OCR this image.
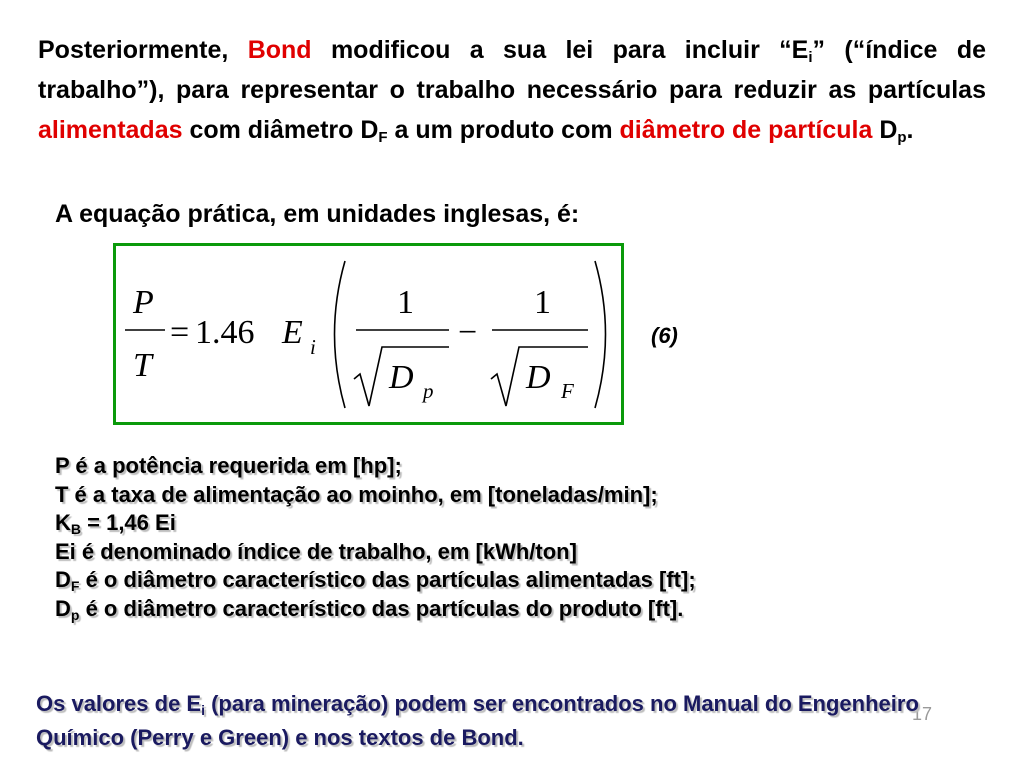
Posteriormente, Bond modificou a sua lei para incluir “$E_i$” (“índice de trabalho”), para representar o trabalho necessário para reduzir as partículas alimentadas com diâmetro $D_F$ a um produto com diâmetro de partícula $D_p$.
A equação prática, em unidades inglesas, é:
P
T
= 1.46 E i
1
D p
−
1
D F
(6)
P é a potência requerida em [hp];
T é a taxa de alimentação ao moinho, em [toneladas/min];
$K_B = 1,46$ Ei
Ei é denominado índice de trabalho, em [kWh/ton]
$D_F$ é o diâmetro característico das partículas alimentadas [ft];
$D_p$ é o diâmetro característico das partículas do produto [ft].
17
Os valores de $E_i$ (para mineração) podem ser encontrados no Manual do Engenheiro Químico (Perry e Green) e nos textos de Bond.
